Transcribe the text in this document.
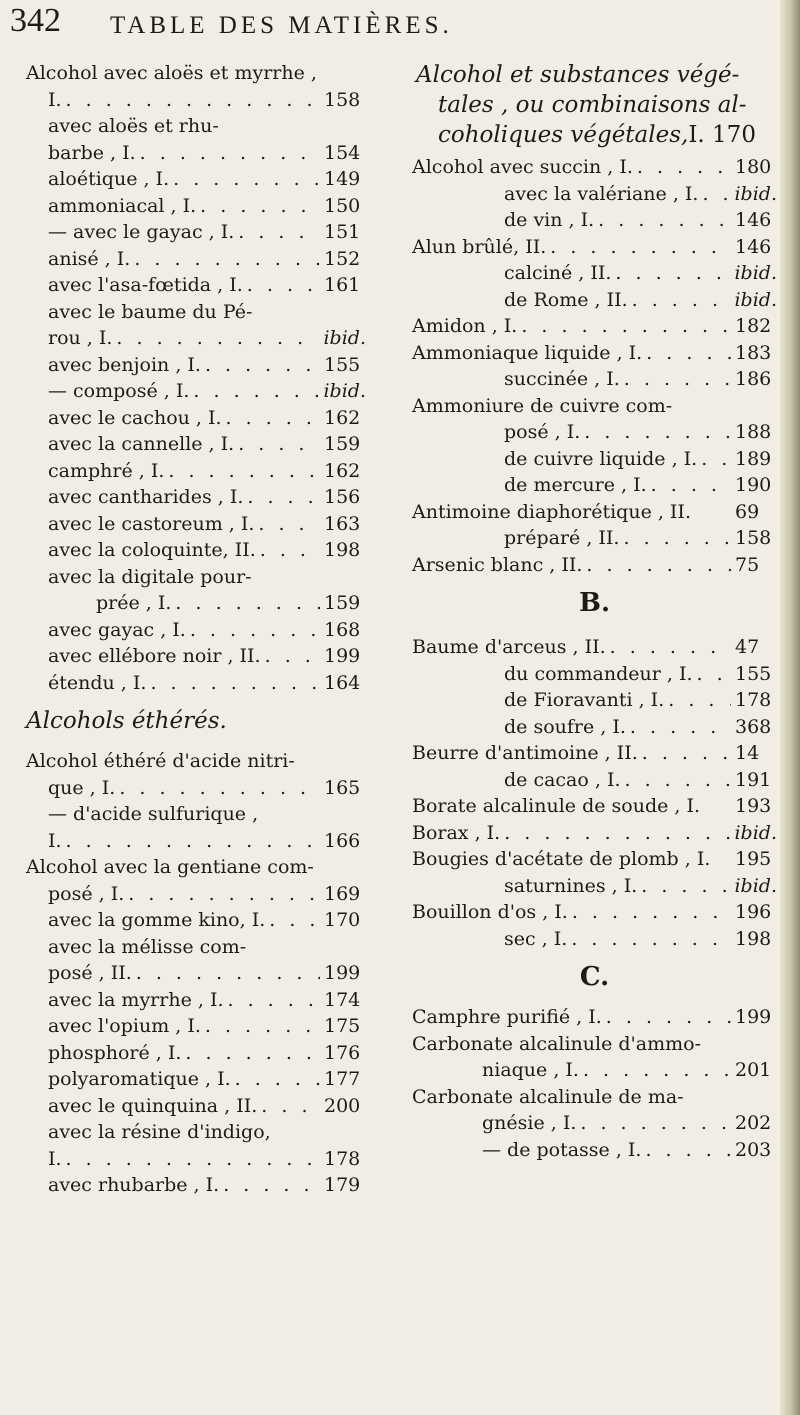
342 TABLE DES MATIÈRES.
Alcohol avec aloës et myrrhe ,
I. . . .	158
avec aloës et rhu-
barbe , I. . . .	154
aloétique , I. . . .	149
ammoniacal , I. . . .	150
— avec le gayac , I. . . .	151
anisé , I. . . .	152
avec l'asa-fœtida , I. . . .	161
avec le baume du Pé-
rou , I. . . .	ibid.
avec benjoin , I. . . .	155
— composé , I. . . .	ibid.
avec le cachou , I. . . .	162
avec la cannelle , I. . . .	159
camphré , I. . . .	162
avec cantharides , I. . . .	156
avec le castoreum , I. . . .	163
avec la coloquinte, II. . . .	198
avec la digitale pour-
prée , I. . . .	159
avec gayac , I. . . .	168
avec ellébore noir , II. . . .	199
étendu , I. . . .	164
Alcohols éthérés.
Alcohol éthéré d'acide nitri-
que , I. . . .	165
— d'acide sulfurique ,
I. . . .	166
Alcohol avec la gentiane com-
posé , I. . . .	169
avec la gomme kino, I. . . .	170
avec la mélisse com-
posé , II. . . .	199
avec la myrrhe , I. . . .	174
avec l'opium , I. . . .	175
phosphoré , I. . . .	176
polyaromatique , I. . . .	177
avec le quinquina , II. . . .	200
avec la résine d'indigo,
I. . . .	178
avec rhubarbe , I. . . .	179
Alcohol et substances végé-
tales , ou combinaisons al-
coholiques végétales,I. 170
Alcohol avec succin , I. . . .	180
avec la valériane , I. . . . ibid.
de vin , I. . . .	146
Alun brûlé, II. . . .	146
calciné , II. . . .	ibid.
de Rome , II. . . .	ibid.
Amidon , I. . . .	182
Ammoniaque liquide , I. . . .	183
succinée , I. . . .	186
Ammoniure de cuivre com-
posé , I. . . .	188
de cuivre liquide , I. . . . 189
de mercure , I. . . .	190
Antimoine diaphorétique , II. 69
préparé , II. . . .	158
Arsenic blanc , II. . . .	75
B.
Baume d'arceus , II. . . .	47
du commandeur , I. . . . 155
de Fioravanti , I. . . .	178
de soufre , I. . . .	368
Beurre d'antimoine , II. . . .	14
de cacao , I. . . .	191
Borate alcalinule de soude , I. 193
Borax , I. . . .	ibid.
Bougies d'acétate de plomb , I. 195
saturnines , I. . . .	ibid.
Bouillon d'os , I. . . .	196
sec , I. . . .	198
C.
Camphre purifié , I. . . .	199
Carbonate alcalinule d'ammo-
niaque , I. . . .	201
Carbonate alcalinule de ma-
gnésie , I. . . .	202
— de potasse , I. . . .	203
